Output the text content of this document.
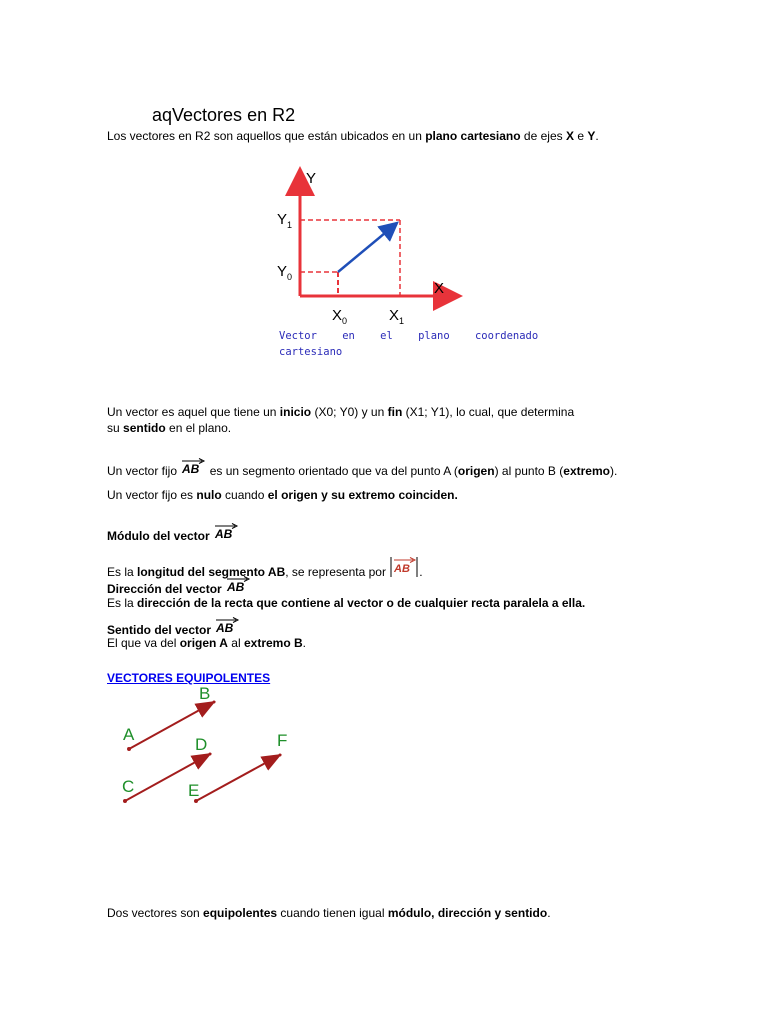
aqVectores en R2
Los vectores en R2 son aquellos que están ubicados en un plano cartesiano de ejes X e Y.
Y
X
$Y_1$
$Y_0$
$X_0$	$X_1$
Vector    en    el    plano    coordenado
cartesiano
Un vector es aquel que tiene un inicio (X0; Y0) y un fin (X1; Y1), lo cual, que determina
su sentido en el plano.
Un vector fijo AB es un segmento orientado que va del punto A (origen) al punto B (extremo).
Un vector fijo es nulo cuando el origen y su extremo coinciden.
Módulo del vector AB
Es la longitud del segmento AB, se representa por AB .
Dirección del vector AB
Es la dirección de la recta que contiene al vector o de cualquier recta paralela a ella.
Sentido del vector AB
El que va del origen A al extremo B.
VECTORES EQUIPOLENTES
A
B
C
D
E
F
Dos vectores son equipolentes cuando tienen igual módulo, dirección y sentido.
